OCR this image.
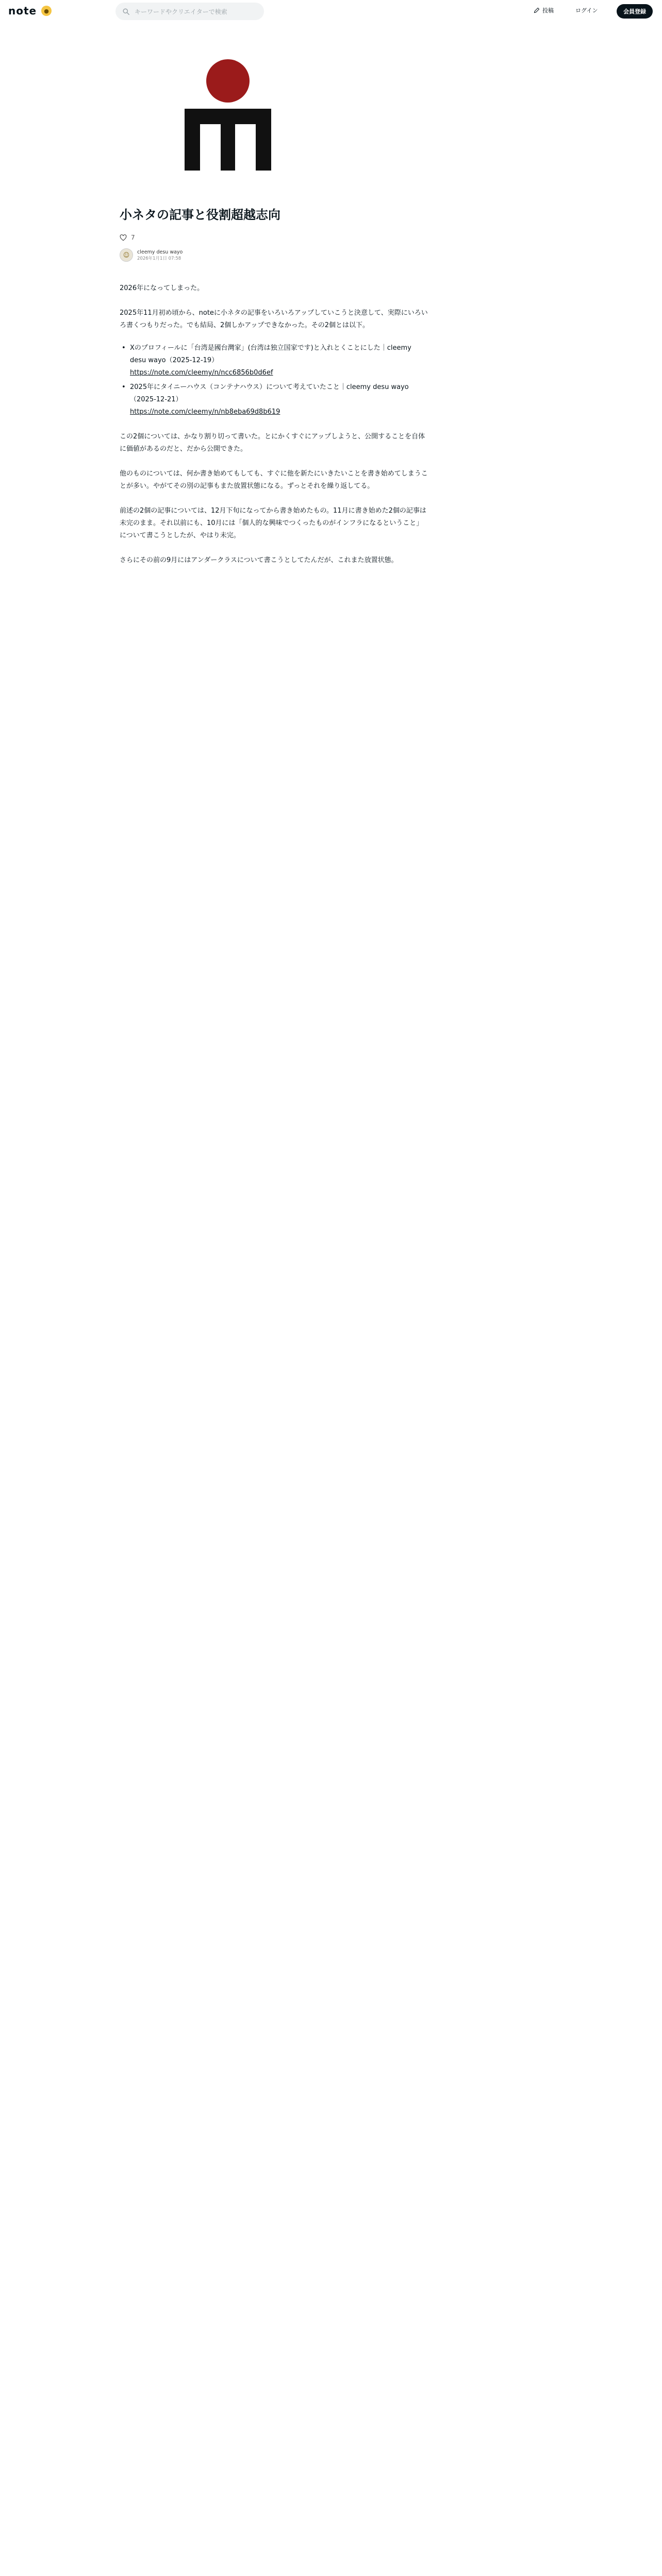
note	●	キーワードやクリエイターで検索	投稿	ログイン	会員登録
小ネタの記事と役割超越志向
7
☺	cleemy desu wayo
2026年1月1日 07:58

2026年になってしまった。

2025年11月初め頃から、noteに小ネタの記事をいろいろアップしていこうと決意して、実際にいろいろ書くつもりだった。でも結局、2個しかアップできなかった。その2個とは以下。

• Xのプロフィールに「台湾是國台灣家」(台湾は独立国家です)と入れとくことにした｜cleemy desu wayo（2025-12-19）
https://note.com/cleemy/n/ncc6856b0d6ef
• 2025年にタイニーハウス（コンテナハウス）について考えていたこと｜cleemy desu wayo（2025-12-21）
https://note.com/cleemy/n/nb8eba69d8b619

この2個については、かなり割り切って書いた。とにかくすぐにアップしようと、公開することを自体に価値があるのだと、だから公開できた。

他のものについては、何か書き始めてもしても、すぐに他を新たにいきたいことを書き始めてしまうことが多い。やがてその別の記事もまた放置状態になる。ずっとそれを繰り返してる。

前述の2個の記事については、12月下旬になってから書き始めたもの。11月に書き始めた2個の記事は未完のまま。それ以前にも、10月には「個人的な興味でつくったものがインフラになるということ」について書こうとしたが、やはり未完。

さらにその前の9月にはアンダークラスについて書こうとしてたんだが、これまた放置状態。
